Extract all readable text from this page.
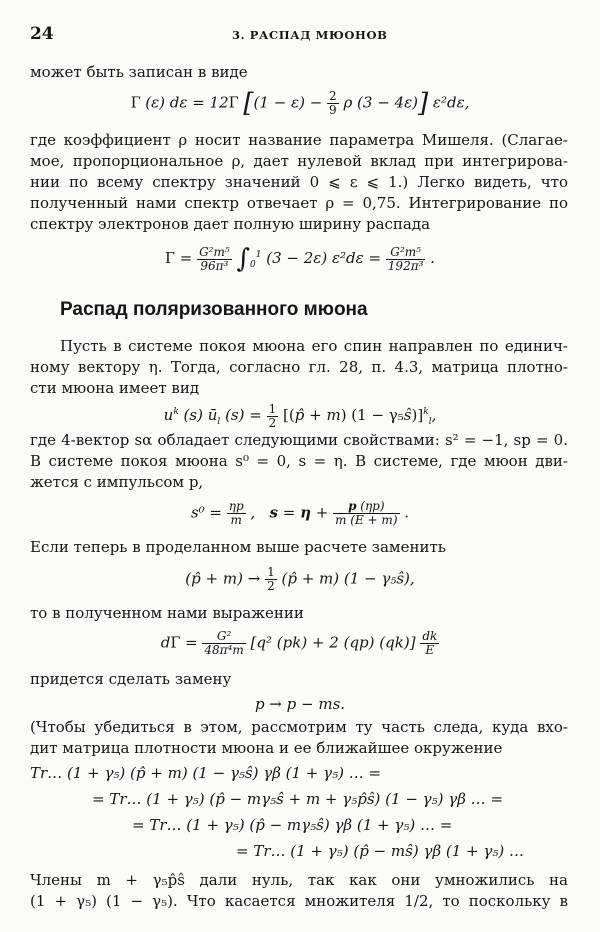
24	3. РАСПАД МЮОНОВ
может быть записан в виде
Г (ε) dε = 12Г [$(1 - \varepsilon) - \frac{2}{9}$ ρ (3 − 4ε)] ε²dε,
где коэффициент ρ носит название параметра Мишеля. (Слагае-
мое, пропорциональное ρ, дает нулевой вклад при интегрирова-
нии по всему спектру значений 0 ⩽ ε ⩽ 1.) Легко видеть, что
полученный нами спектр отвечает ρ = 0,75. Интегрирование по
спектру электронов дает полную ширину распада
$Г = \frac{\text{G²m⁵}}{\text{96π³}} \int_0^1$ (3 − 2ε) $\varepsilon^2d\varepsilon = \frac{\text{G²m⁵}}{\text{192π³}}$ .
Распад поляризованного мюона
Пусть в системе покоя мюона его спин направлен по единич-
ному вектору η. Тогда, согласно гл. 28, п. 4.3, матрица плотно-
сти мюона имеет вид
$u^k$ (s) $ū_l$ $(s) = \frac{1}{2}$ [(p̂ + m) (1 − γ₅ŝ)]$^k_l$,
где 4-вектор sα обладает следующими свойствами: s² = −1, sp = 0.
В системе покоя мюона s⁰ = 0, s = η. В системе, где мюон дви-
жется с импульсом p,
$s^0 = \frac{\eta p}{m}$ ,   $s = \eta + \frac{p (\eta p)}{m (E + m)}$ .
Если теперь в проделанном выше расчете заменить
(p̂ + $m) \to \frac{1}{2}$ (p̂ + m) (1 − γ₅ŝ),
то в полученном нами выражении
dГ = $\frac{\text{G²}}{\text{48π⁴m}} [q^2$ (pk) + 2 (qp) $(qk)] \frac{dk}{E}$
придется сделать замену
p → p − ms.
(Чтобы убедиться в этом, рассмотрим ту часть следа, куда вхо-
дит матрица плотности мюона и ее ближайшее окружение
Tr… (1 + γ₅) (p̂ + m) (1 − γ₅ŝ) γβ (1 + γ₅) … =
= Tr… (1 + γ₅) (p̂ − mγ₅ŝ + m + γ₅p̂ŝ) (1 − γ₅) γβ … =
= Tr… (1 + γ₅) (p̂ − mγ₅ŝ) γβ (1 + γ₅) … =
= Tr… (1 + γ₅) (p̂ − mŝ) γβ (1 + γ₅) …
Члены m + γ₅p̂ŝ дали нуль, так как они умножились на
(1 + γ₅) (1 − γ₅). Что касается множителя 1/2, то поскольку в
